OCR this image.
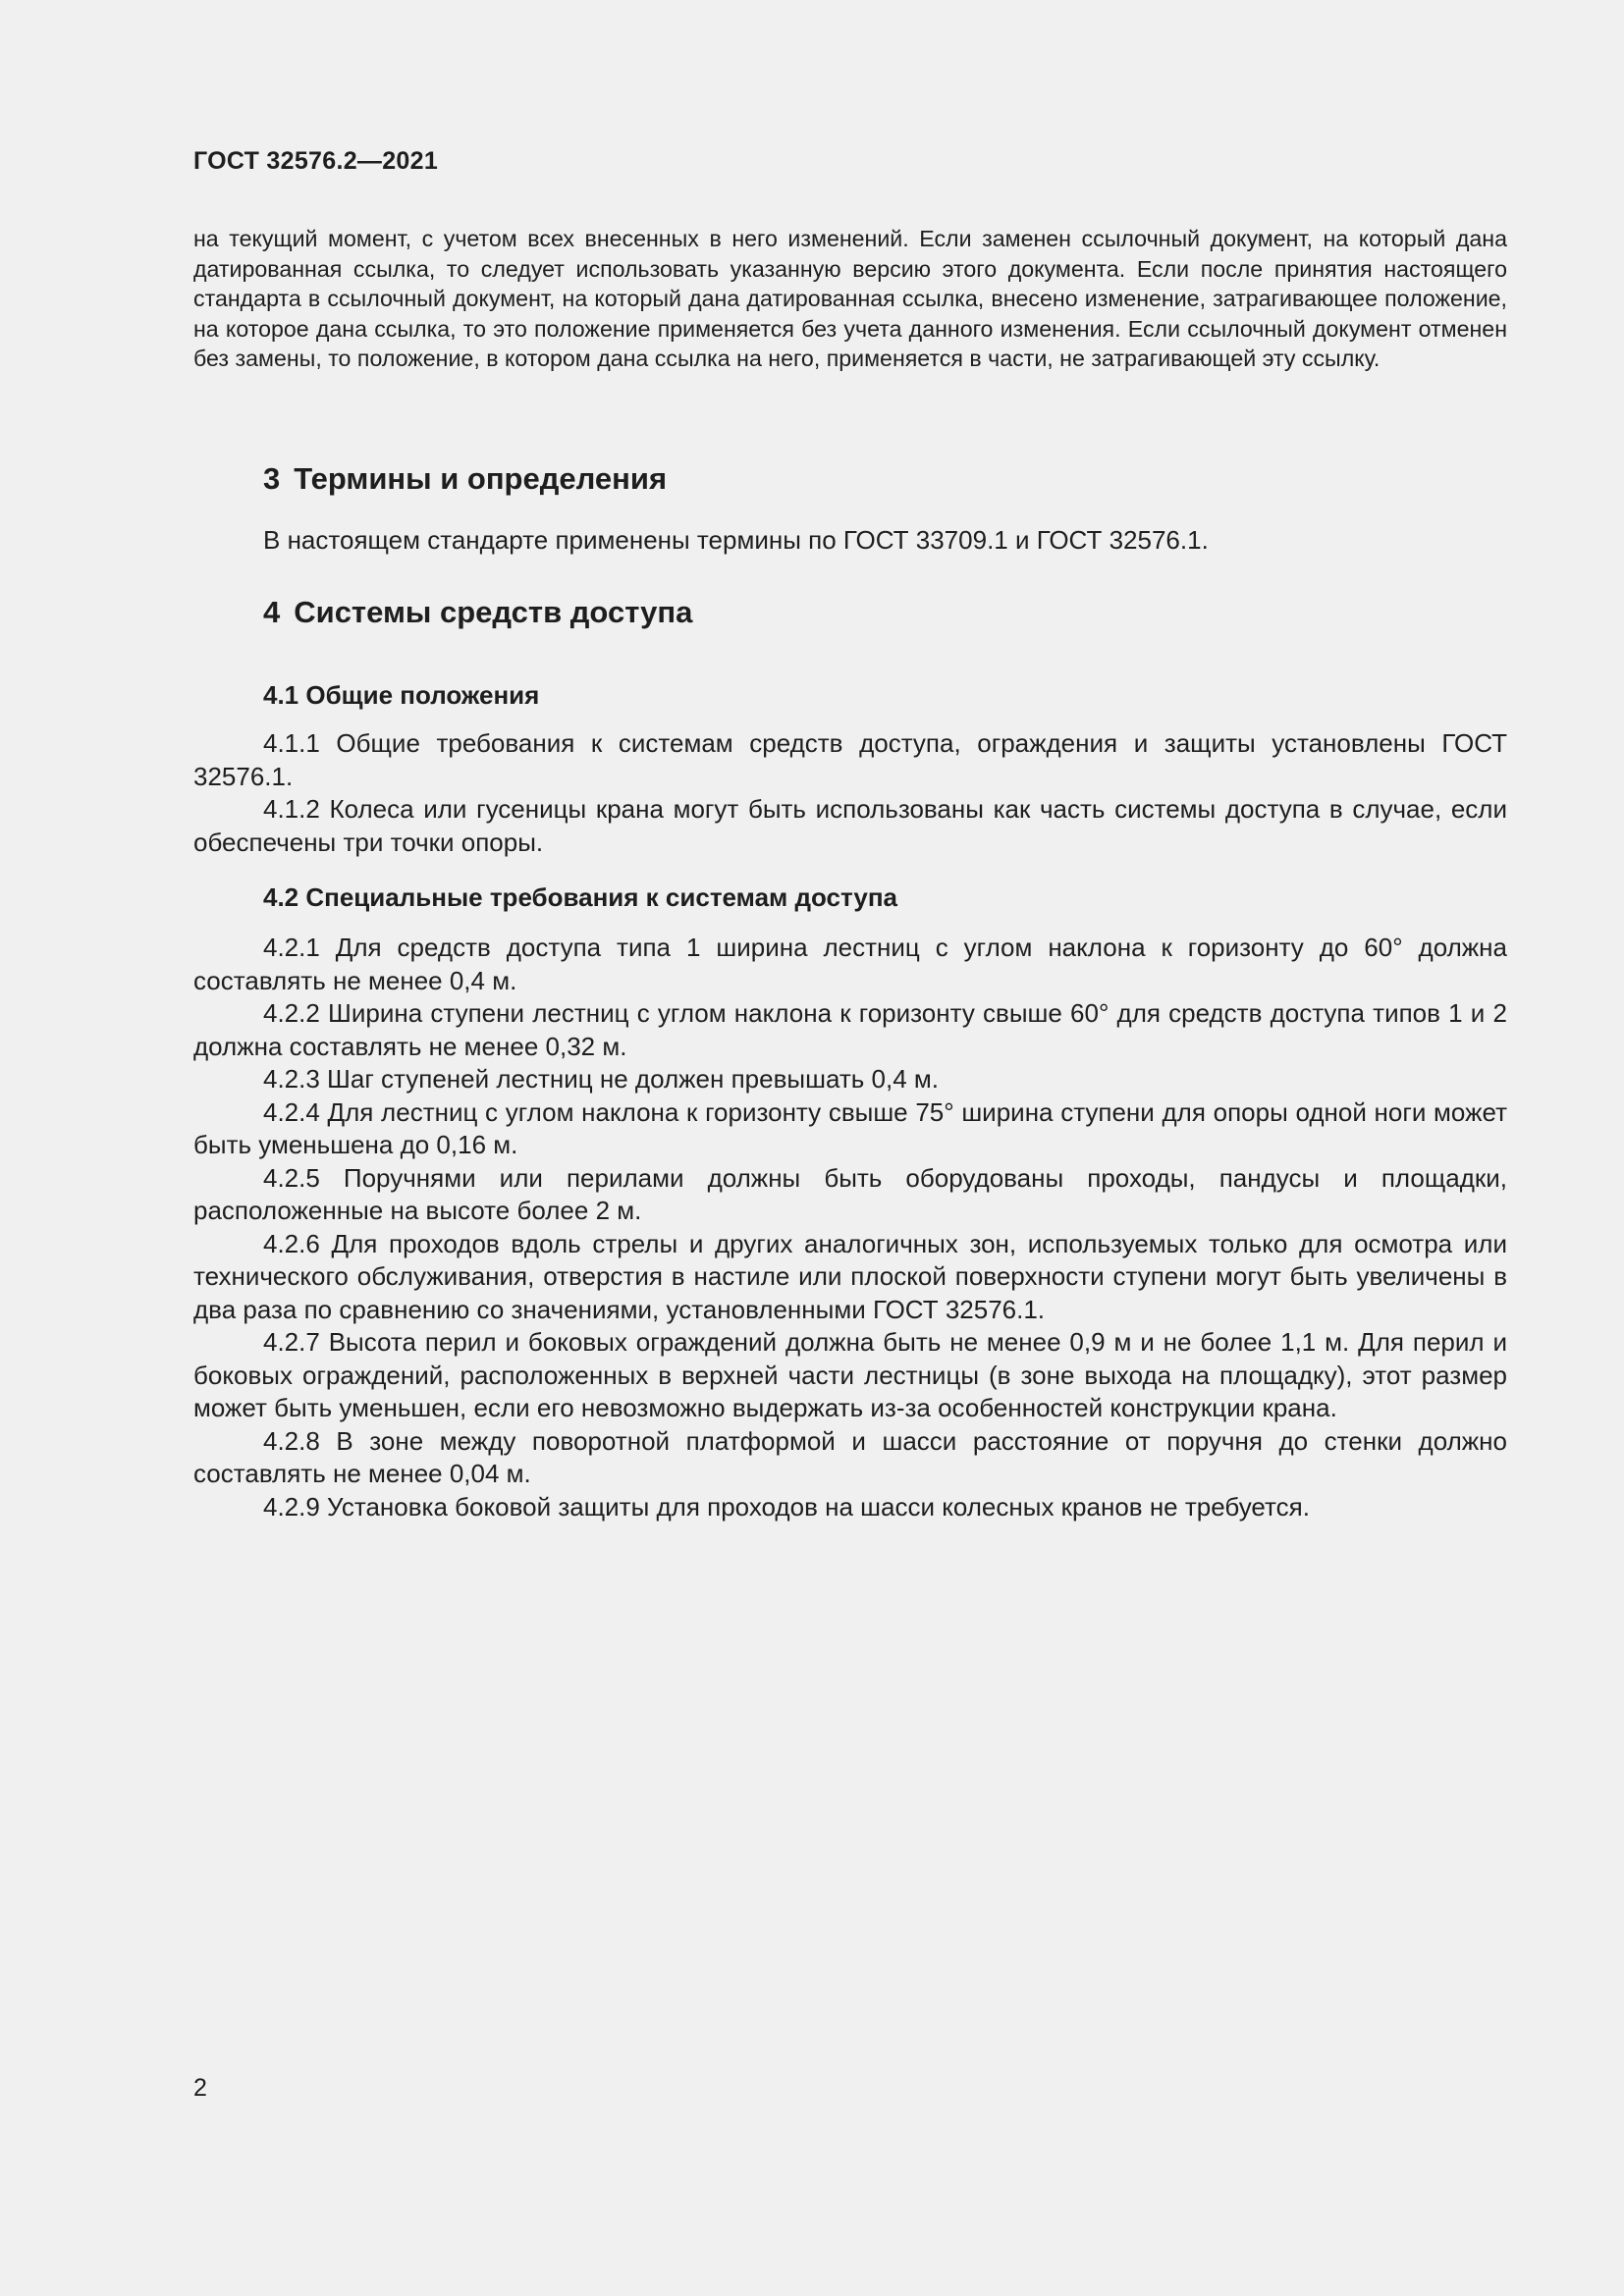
ГОСТ 32576.2—2021
на текущий момент, с учетом всех внесенных в него изменений. Если заменен ссылочный документ, на который дана датированная ссылка, то следует использовать указанную версию этого документа. Если после принятия настоящего стандарта в ссылочный документ, на который дана датированная ссылка, внесено изменение, затрагивающее положение, на которое дана ссылка, то это положение применяется без учета данного изменения. Если ссылочный документ отменен без замены, то положение, в котором дана ссылка на него, применяется в части, не затрагивающей эту ссылку.
3 Термины и определения
В настоящем стандарте применены термины по ГОСТ 33709.1 и ГОСТ 32576.1.
4 Системы средств доступа
4.1 Общие положения

4.1.1 Общие требования к системам средств доступа, ограждения и защиты установлены ГОСТ 32576.1.

4.1.2 Колеса или гусеницы крана могут быть использованы как часть системы доступа в случае, если обеспечены три точки опоры.

4.2 Специальные требования к системам доступа

4.2.1 Для средств доступа типа 1 ширина лестниц с углом наклона к горизонту до 60° должна составлять не менее 0,4 м.

4.2.2 Ширина ступени лестниц с углом наклона к горизонту свыше 60° для средств доступа типов 1 и 2 должна составлять не менее 0,32 м.

4.2.3 Шаг ступеней лестниц не должен превышать 0,4 м.

4.2.4 Для лестниц с углом наклона к горизонту свыше 75° ширина ступени для опоры одной ноги может быть уменьшена до 0,16 м.

4.2.5 Поручнями или перилами должны быть оборудованы проходы, пандусы и площадки, расположенные на высоте более 2 м.

4.2.6 Для проходов вдоль стрелы и других аналогичных зон, используемых только для осмотра или технического обслуживания, отверстия в настиле или плоской поверхности ступени могут быть увеличены в два раза по сравнению со значениями, установленными ГОСТ 32576.1.

4.2.7 Высота перил и боковых ограждений должна быть не менее 0,9 м и не более 1,1 м. Для перил и боковых ограждений, расположенных в верхней части лестницы (в зоне выхода на площадку), этот размер может быть уменьшен, если его невозможно выдержать из-за особенностей конструкции крана.

4.2.8 В зоне между поворотной платформой и шасси расстояние от поручня до стенки должно составлять не менее 0,04 м.

4.2.9 Установка боковой защиты для проходов на шасси колесных кранов не требуется.

2
